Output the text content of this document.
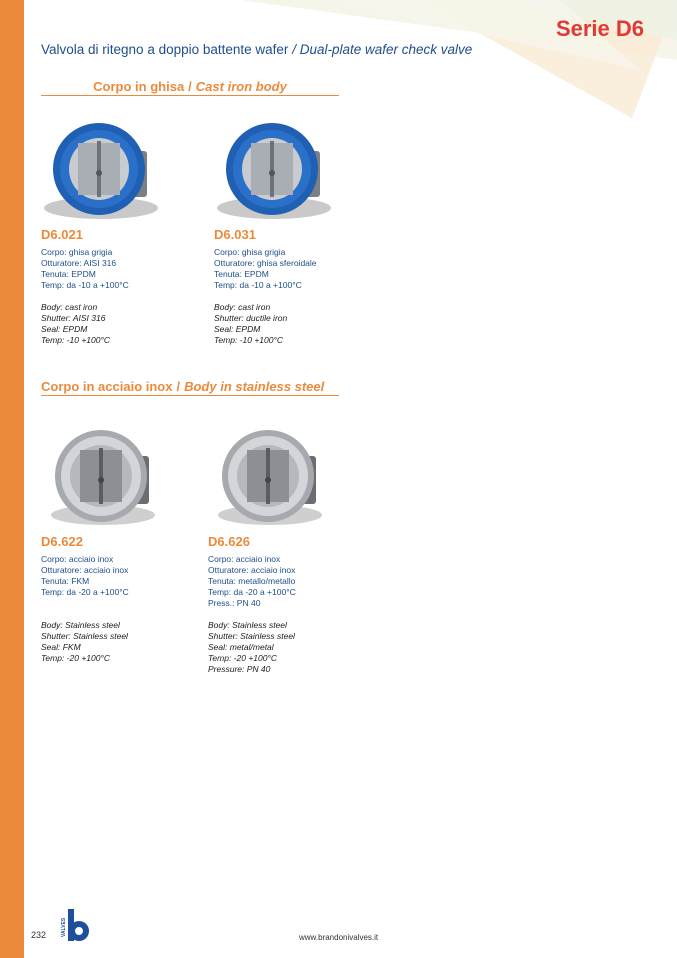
Serie D6
Valvola di ritegno a doppio battente wafer / Dual-plate wafer check valve
Corpo in ghisa / Cast iron body
Corpo in acciaio inox / Body in stainless steel
D6.021
Corpo: ghisa grigia
Otturatore: AISI 316
Tenuta: EPDM
Temp: da -10 a +100°C
Body: cast iron
Shutter: AISI 316
Seal: EPDM
Temp: -10 +100°C
D6.031
Corpo: ghisa grigia
Otturatore: ghisa sferoidale
Tenuta: EPDM
Temp: da -10 a +100°C
Body: cast iron
Shutter: ductile iron
Seal: EPDM
Temp: -10 +100°C
D6.622
Corpo: acciaio inox
Otturatore: acciaio inox
Tenuta: FKM
Temp: da -20 a +100°C
Body: Stainless steel
Shutter: Stainless steel
Seal: FKM
Temp: -20 +100°C
D6.626
Corpo: acciaio inox
Otturatore: acciaio inox
Tenuta: metallo/metallo
Temp: da -20 a +100°C
Press.: PN 40
Body: Stainless steel
Shutter: Stainless steel
Seal: metal/metal
Temp: -20 +100°C
Pressure: PN 40
232	VALVES
www.brandonivalves.it
